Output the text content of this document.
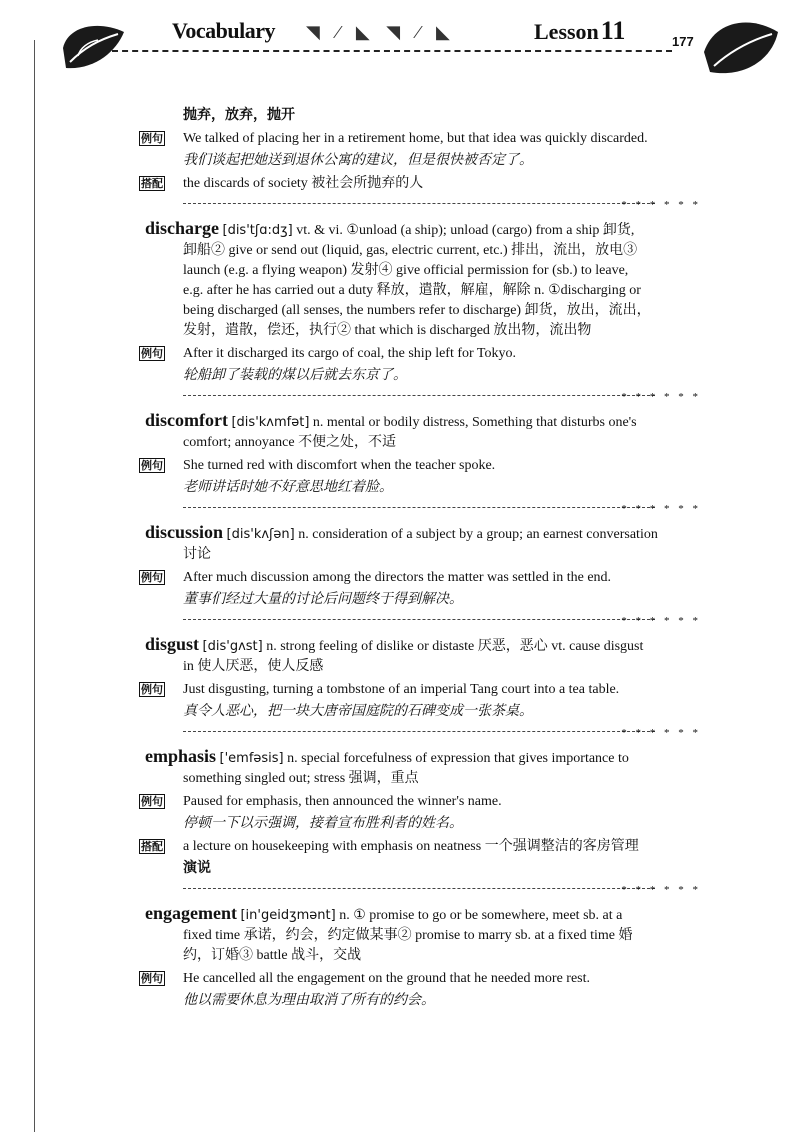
Vocabulary ◥ ⁄ ◣ ◥ ⁄ ◣	Lesson11	177
抛弃，放弃，抛开
例句 We talked of placing her in a retirement home, but that idea was quickly discarded.
我们谈起把她送到退休公寓的建议，但是很快被否定了。
搭配 the discards of society 被社会所抛弃的人
* * * * * *
discharge [dis'tʃɑ:dʒ] vt. & vi. ①unload (a ship); unload (cargo) from a ship 卸货,
卸船② give or send out (liquid, gas, electric current, etc.) 排出，流出，放电③
launch (e.g. a flying weapon) 发射④ give official permission for (sb.) to leave,
e.g. after he has carried out a duty 释放，遣散，解雇，解除 n. ①discharging or
being discharged (all senses, the numbers refer to discharge) 卸货，放出，流出，
发射，遣散，偿还，执行② that which is discharged 放出物，流出物
例句 After it discharged its cargo of coal, the ship left for Tokyo.
轮船卸了装载的煤以后就去东京了。
* * * * * *
discomfort [dis'kʌmfət] n. mental or bodily distress, Something that disturbs one's
comfort; annoyance 不便之处，不适
例句 She turned red with discomfort when the teacher spoke.
老师讲话时她不好意思地红着脸。
* * * * * *
discussion [dis'kʌʃən] n. consideration of a subject by a group; an earnest conversation
讨论
例句 After much discussion among the directors the matter was settled in the end.
董事们经过大量的讨论后问题终于得到解决。
* * * * * *
disgust [dis'gʌst] n. strong feeling of dislike or distaste 厌恶，恶心 vt. cause disgust
in 使人厌恶，使人反感
例句 Just disgusting, turning a tombstone of an imperial Tang court into a tea table.
真令人恶心，把一块大唐帝国庭院的石碑变成一张茶桌。
* * * * * *
emphasis ['emfəsis] n. special forcefulness of expression that gives importance to
something singled out; stress 强调，重点
例句 Paused for emphasis, then announced the winner's name.
停顿一下以示强调，接着宣布胜利者的姓名。
搭配 a lecture on housekeeping with emphasis on neatness 一个强调整洁的客房管理
演说
* * * * * *
engagement [in'geidʒmənt] n. ① promise to go or be somewhere, meet sb. at a
fixed time 承诺，约会，约定做某事② promise to marry sb. at a fixed time 婚
约，订婚③ battle 战斗，交战
例句 He cancelled all the engagement on the ground that he needed more rest.
他以需要休息为理由取消了所有的约会。
